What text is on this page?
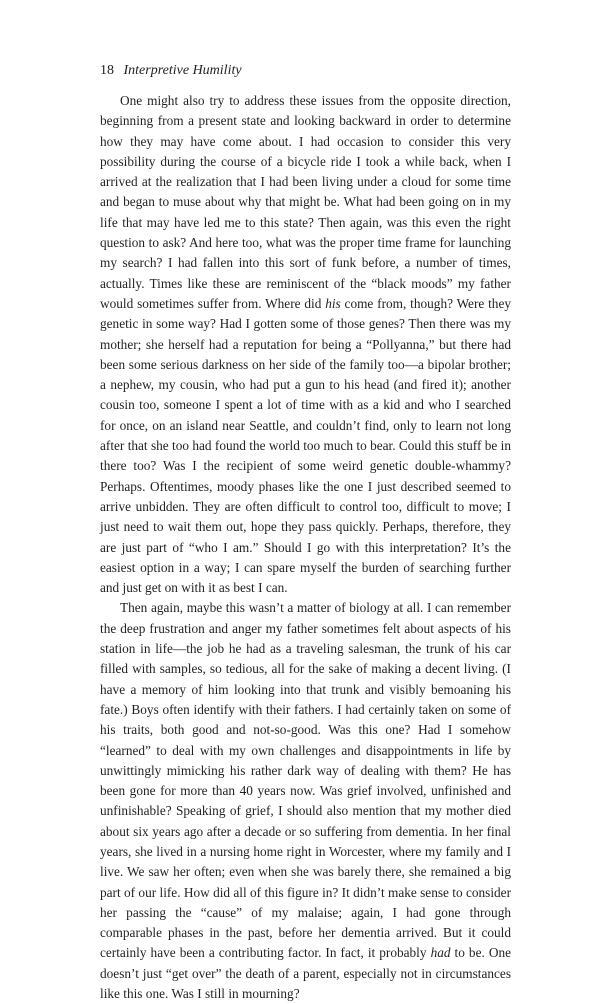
18 Interpretive Humility

One might also try to address these issues from the opposite direction, beginning from a present state and looking backward in order to determine how they may have come about. I had occasion to consider this very possibility during the course of a bicycle ride I took a while back, when I arrived at the realization that I had been living under a cloud for some time and began to muse about why that might be. What had been going on in my life that may have led me to this state? Then again, was this even the right question to ask? And here too, what was the proper time frame for launching my search? I had fallen into this sort of funk before, a number of times, actually. Times like these are reminiscent of the “black moods” my father would sometimes suffer from. Where did his come from, though? Were they genetic in some way? Had I gotten some of those genes? Then there was my mother; she herself had a reputation for being a “Pollyanna,” but there had been some serious darkness on her side of the family too—a bipolar brother; a nephew, my cousin, who had put a gun to his head (and fired it); another cousin too, someone I spent a lot of time with as a kid and who I searched for once, on an island near Seattle, and couldn’t find, only to learn not long after that she too had found the world too much to bear. Could this stuff be in there too? Was I the recipient of some weird genetic double-whammy? Perhaps. Oftentimes, moody phases like the one I just described seemed to arrive unbidden. They are often difficult to control too, difficult to move; I just need to wait them out, hope they pass quickly. Perhaps, therefore, they are just part of “who I am.” Should I go with this interpretation? It’s the easiest option in a way; I can spare myself the burden of searching further and just get on with it as best I can.

Then again, maybe this wasn’t a matter of biology at all. I can remember the deep frustration and anger my father sometimes felt about aspects of his station in life—the job he had as a traveling salesman, the trunk of his car filled with samples, so tedious, all for the sake of making a decent living. (I have a memory of him looking into that trunk and visibly bemoaning his fate.) Boys often identify with their fathers. I had certainly taken on some of his traits, both good and not-so-good. Was this one? Had I somehow “learned” to deal with my own challenges and disappointments in life by unwittingly mimicking his rather dark way of dealing with them? He has been gone for more than 40 years now. Was grief involved, unfinished and unfinishable? Speaking of grief, I should also mention that my mother died about six years ago after a decade or so suffering from dementia. In her final years, she lived in a nursing home right in Worcester, where my family and I live. We saw her often; even when she was barely there, she remained a big part of our life. How did all of this figure in? It didn’t make sense to consider her passing the “cause” of my malaise; again, I had gone through comparable phases in the past, before her dementia arrived. But it could certainly have been a contributing factor. In fact, it probably had to be. One doesn’t just “get over” the death of a parent, especially not in circumstances like this one. Was I still in mourning?
